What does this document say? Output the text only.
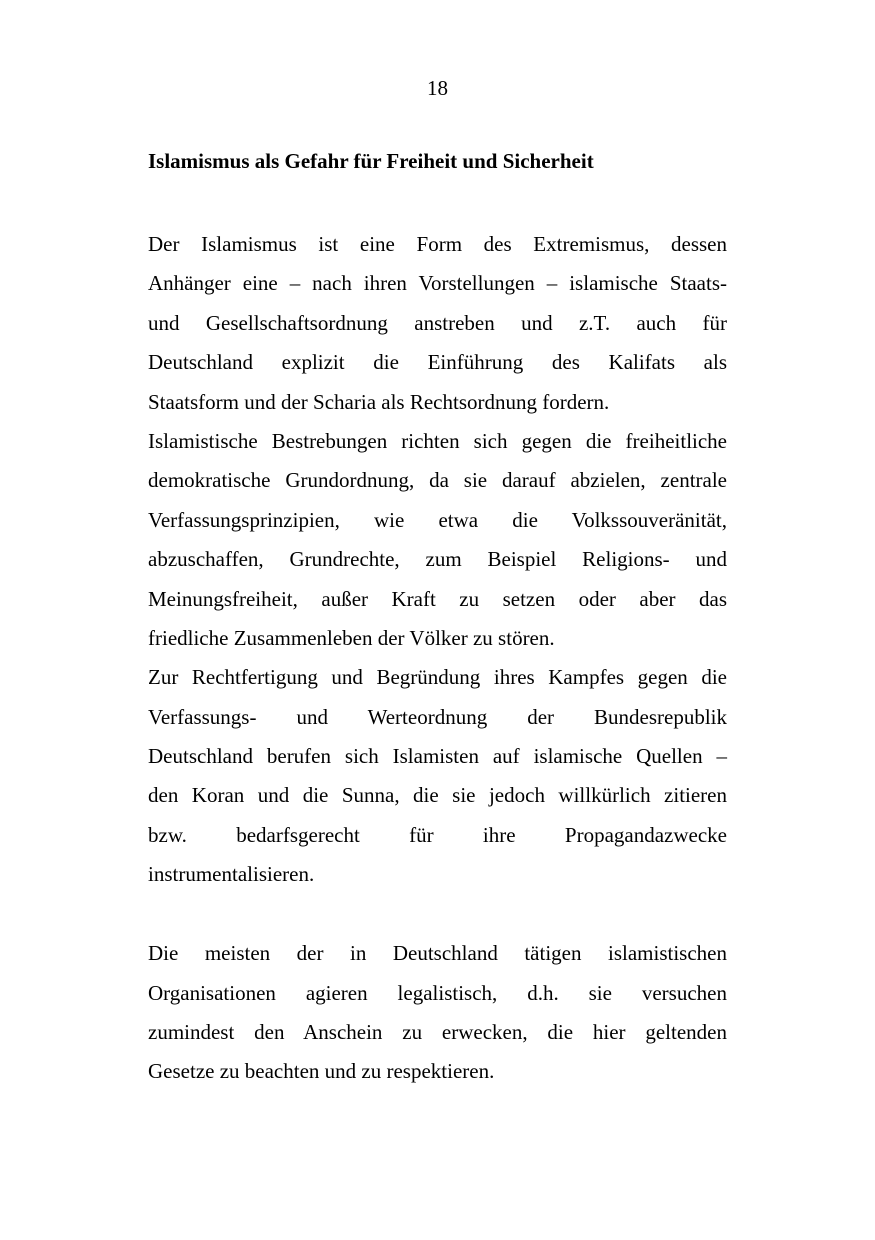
18
Islamismus als Gefahr für Freiheit und Sicherheit
Der Islamismus ist eine Form des Extremismus, dessen
Anhänger eine – nach ihren Vorstellungen – islamische Staats-
und Gesellschaftsordnung anstreben und z.T. auch für
Deutschland explizit die Einführung des Kalifats als
Staatsform und der Scharia als Rechtsordnung fordern.
Islamistische Bestrebungen richten sich gegen die freiheitliche
demokratische Grundordnung, da sie darauf abzielen, zentrale
Verfassungsprinzipien, wie etwa die Volkssouveränität,
abzuschaffen, Grundrechte, zum Beispiel Religions- und
Meinungsfreiheit, außer Kraft zu setzen oder aber das
friedliche Zusammenleben der Völker zu stören.
Zur Rechtfertigung und Begründung ihres Kampfes gegen die
Verfassungs- und Werteordnung der Bundesrepublik
Deutschland berufen sich Islamisten auf islamische Quellen –
den Koran und die Sunna, die sie jedoch willkürlich zitieren
bzw. bedarfsgerecht für ihre Propagandazwecke
instrumentalisieren.
Die meisten der in Deutschland tätigen islamistischen
Organisationen agieren legalistisch, d.h. sie versuchen
zumindest den Anschein zu erwecken, die hier geltenden
Gesetze zu beachten und zu respektieren.
